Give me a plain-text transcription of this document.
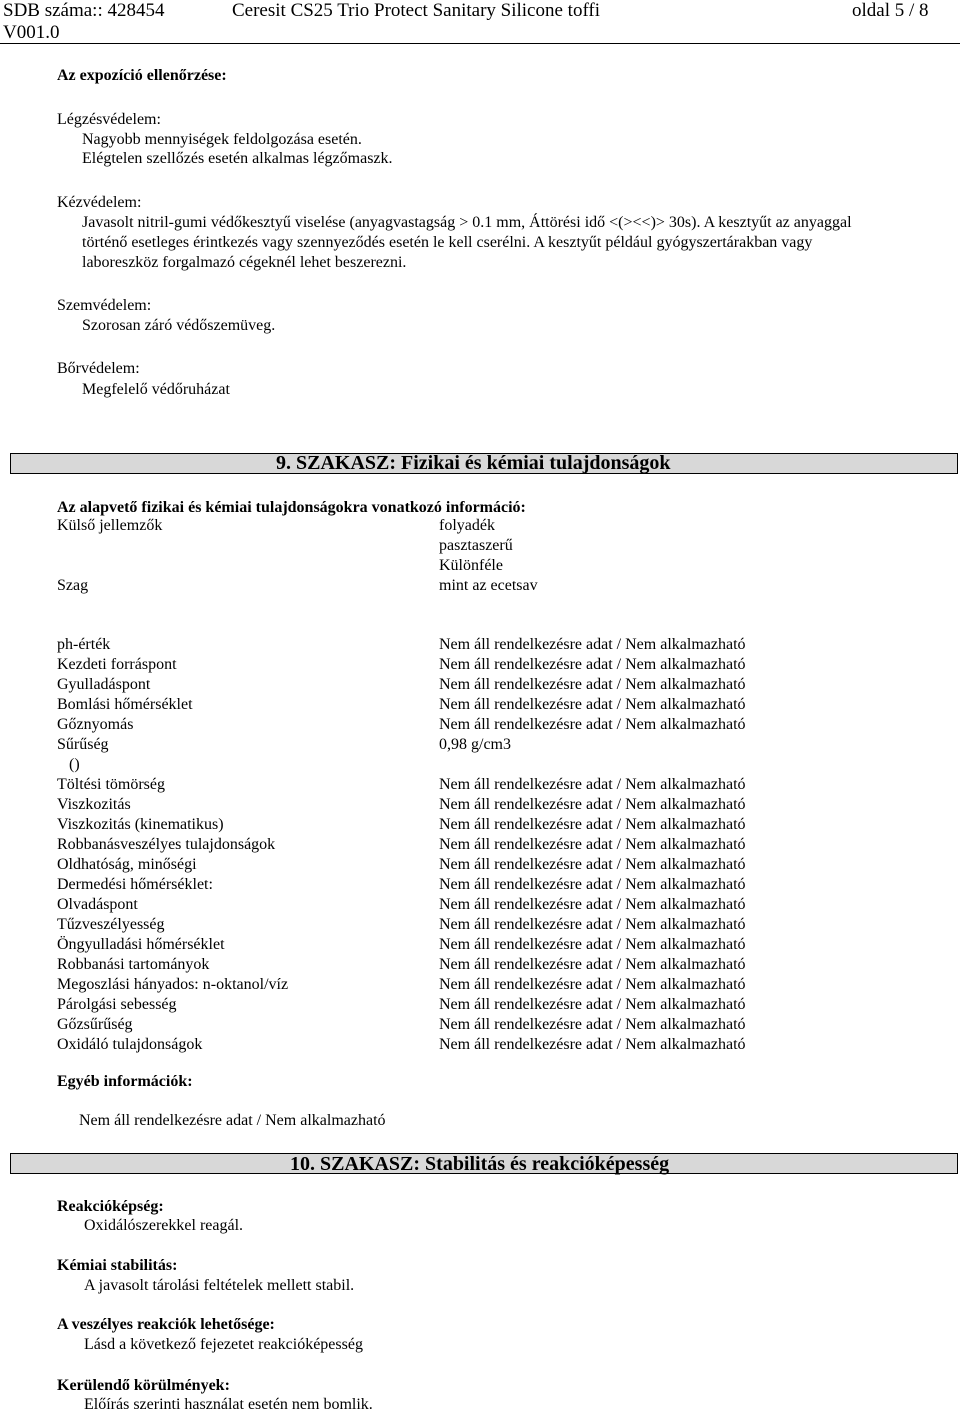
SDB száma:: 428454
V001.0
Ceresit CS25 Trio Protect Sanitary Silicone toffi	oldal 5 / 8
Az expozíció ellenőrzése:
Légzésvédelem:
Nagyobb mennyiségek feldolgozása esetén.
Elégtelen szellőzés esetén alkalmas légzőmaszk.
Kézvédelem:
Javasolt nitril-gumi védőkesztyű viselése (anyagvastagság > 0.1 mm, Áttörési idő <(><<)> 30s). A kesztyűt az anyaggal
történő esetleges érintkezés vagy szennyeződés esetén le kell cserélni. A kesztyűt például gyógyszertárakban vagy
laboreszköz forgalmazó cégeknél lehet beszerezni.
Szemvédelem:
Szorosan záró védőszemüveg.
Bőrvédelem:
Megfelelő védőruházat
9. SZAKASZ: Fizikai és kémiai tulajdonságok
Az alapvető fizikai és kémiai tulajdonságokra vonatkozó információ:
Külső jellemzők	folyadék
pasztaszerű
Különféle
Szag	mint az ecetsav
ph-érték	Nem áll rendelkezésre adat / Nem alkalmazható
Kezdeti forráspont	Nem áll rendelkezésre adat / Nem alkalmazható
Gyulladáspont	Nem áll rendelkezésre adat / Nem alkalmazható
Bomlási hőmérséklet	Nem áll rendelkezésre adat / Nem alkalmazható
Gőznyomás	Nem áll rendelkezésre adat / Nem alkalmazható
Sűrűség	0,98 g/cm3
()
Töltési tömörség	Nem áll rendelkezésre adat / Nem alkalmazható
Viszkozitás	Nem áll rendelkezésre adat / Nem alkalmazható
Viszkozitás (kinematikus)	Nem áll rendelkezésre adat / Nem alkalmazható
Robbanásveszélyes tulajdonságok	Nem áll rendelkezésre adat / Nem alkalmazható
Oldhatóság, minőségi	Nem áll rendelkezésre adat / Nem alkalmazható
Dermedési hőmérséklet:	Nem áll rendelkezésre adat / Nem alkalmazható
Olvadáspont	Nem áll rendelkezésre adat / Nem alkalmazható
Tűzveszélyesség	Nem áll rendelkezésre adat / Nem alkalmazható
Öngyulladási hőmérséklet	Nem áll rendelkezésre adat / Nem alkalmazható
Robbanási tartományok	Nem áll rendelkezésre adat / Nem alkalmazható
Megoszlási hányados: n-oktanol/víz	Nem áll rendelkezésre adat / Nem alkalmazható
Párolgási sebesség	Nem áll rendelkezésre adat / Nem alkalmazható
Gőzsűrűség	Nem áll rendelkezésre adat / Nem alkalmazható
Oxidáló tulajdonságok	Nem áll rendelkezésre adat / Nem alkalmazható
Egyéb információk:
Nem áll rendelkezésre adat / Nem alkalmazható
10. SZAKASZ: Stabilitás és reakcióképesség
Reakcióképség:
Oxidálószerekkel reagál.
Kémiai stabilitás:
A javasolt tárolási feltételek mellett stabil.
A veszélyes reakciók lehetősége:
Lásd a következő fejezetet reakcióképesség
Kerülendő körülmények:
Előírás szerinti használat esetén nem bomlik.
